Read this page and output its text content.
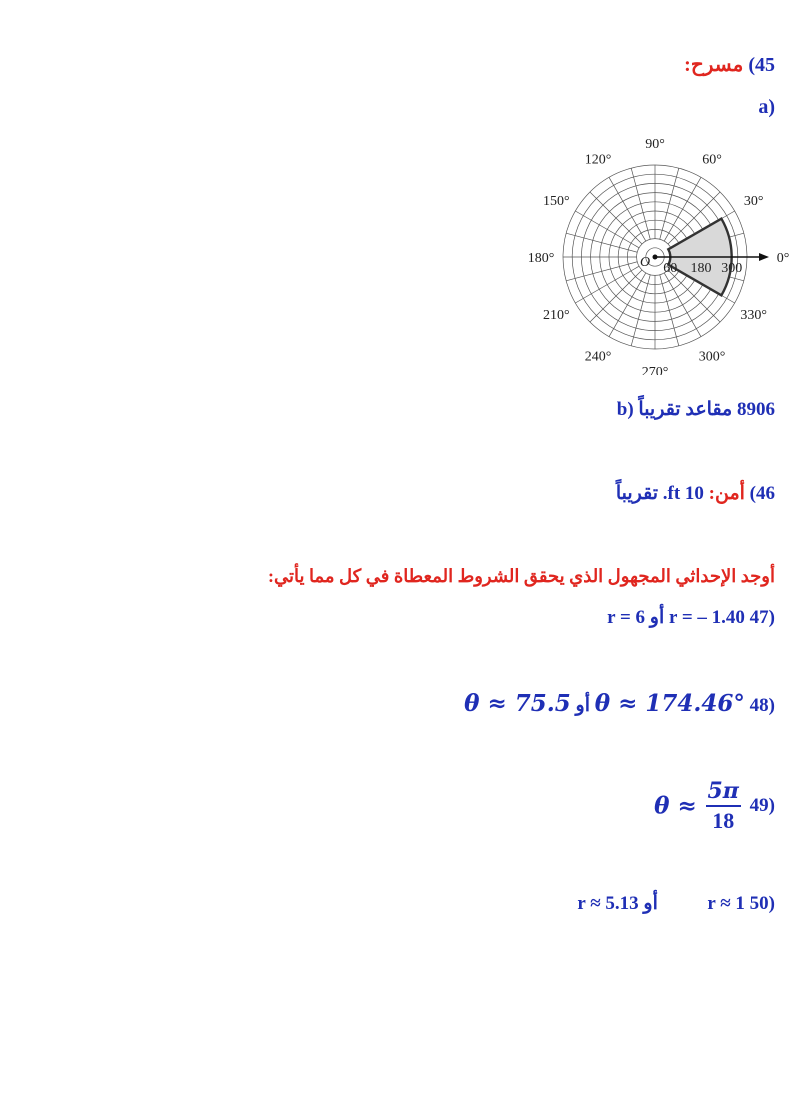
45) مسرح:
(a
0°
30°
60°
90°
120°
150°
180°
210°
240°
270°
300°
330°
O 60 180 300
8906 مقاعد تقريباً (b
46) أمن: 10 ft. تقريباً
أوجد الإحداثي المجهول الذي يحقق الشروط المعطاة في كل مما يأتي:
(47 r = – 1.40 أو r = 6
(48 θ ≈ 174.46° أو θ ≈ 75.5
(49 $\theta \approx \frac{5\pi}{18}$
(50 r ≈ 1  أو r ≈ 5.13
